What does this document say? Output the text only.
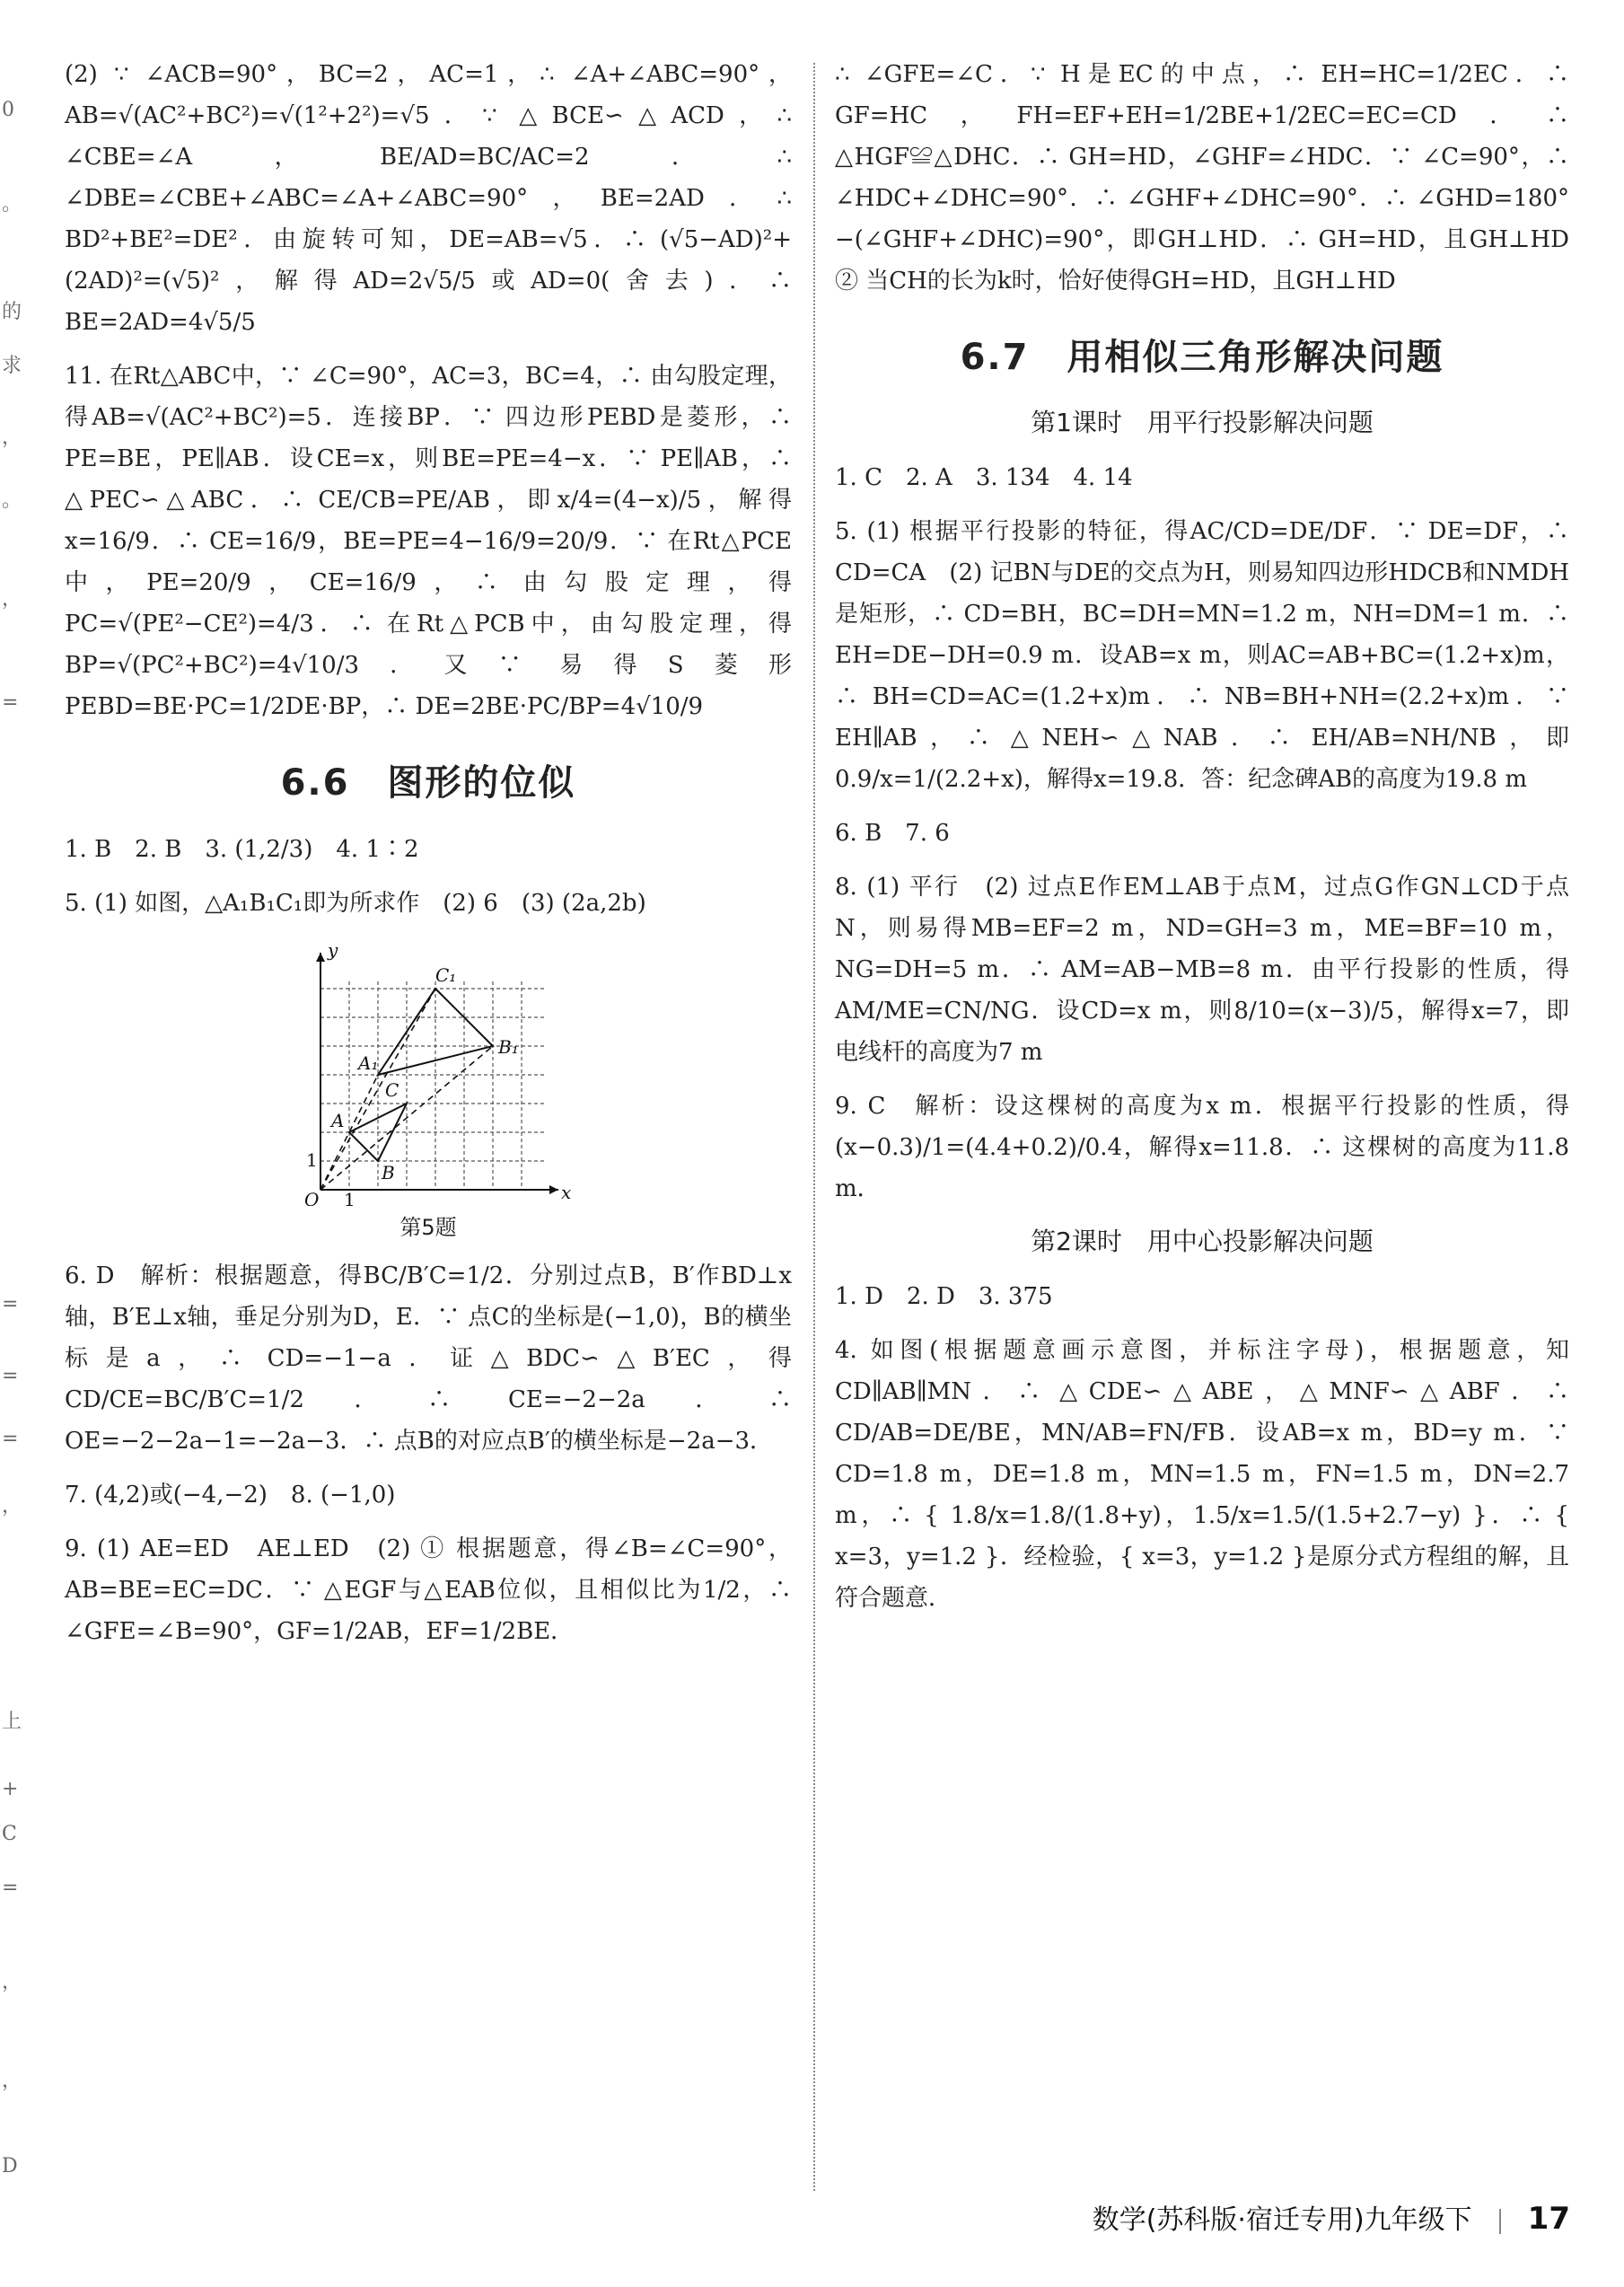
0
。
的
求
，
。
，
=
=
=
=
，
上
+
C
=
，
，
D

(2) ∵ ∠ACB=90°，BC=2，AC=1，∴ ∠A+∠ABC=90°，AB=√(AC²+BC²)=√(1²+2²)=√5．∵ △BCE∽△ACD，∴ ∠CBE=∠A，BE/AD=BC/AC=2．∴ ∠DBE=∠CBE+∠ABC=∠A+∠ABC=90°，BE=2AD．∴ BD²+BE²=DE²．由旋转可知，DE=AB=√5．∴ (√5−AD)²+(2AD)²=(√5)²，解得AD=2√5/5或AD=0(舍去)．∴ BE=2AD=4√5/5

11. 在Rt△ABC中，∵ ∠C=90°，AC=3，BC=4，∴ 由勾股定理，得AB=√(AC²+BC²)=5．连接BP．∵ 四边形PEBD是菱形，∴ PE=BE，PE∥AB．设CE=x，则BE=PE=4−x．∵ PE∥AB，∴ △PEC∽△ABC．∴ CE/CB=PE/AB，即x/4=(4−x)/5，解得x=16/9．∴ CE=16/9，BE=PE=4−16/9=20/9．∵ 在Rt△PCE中，PE=20/9，CE=16/9，∴ 由勾股定理，得PC=√(PE²−CE²)=4/3．∴ 在Rt△PCB中，由勾股定理，得BP=√(PC²+BC²)=4√10/3．又∵ 易得S菱形PEBD=BE·PC=1/2DE·BP，∴ DE=2BE·PC/BP=4√10/9

6.6　图形的位似

1. B　2. B　3. (1,2/3)　4. 1∶2

5. (1) 如图，△A₁B₁C₁即为所求作　(2) 6　(3) (2a,2b)

C₁
A₁
C
A
B₁
B
x
y
O 1
1
第5题

6. D　解析：根据题意，得BC/B′C=1/2．分别过点B，B′作BD⊥x轴，B′E⊥x轴，垂足分别为D，E．∵ 点C的坐标是(−1,0)，B的横坐标是a，∴ CD=−1−a．证△BDC∽△B′EC，得CD/CE=BC/B′C=1/2．∴ CE=−2−2a．∴ OE=−2−2a−1=−2a−3．∴ 点B的对应点B′的横坐标是−2a−3．

7. (4,2)或(−4,−2)　8. (−1,0)

9. (1) AE=ED　AE⊥ED　(2) ① 根据题意，得∠B=∠C=90°，AB=BE=EC=DC．∵ △EGF与△EAB位似，且相似比为1/2，∴ ∠GFE=∠B=90°，GF=1/2AB，EF=1/2BE．

∴ ∠GFE=∠C．∵ H是EC的中点，∴ EH=HC=1/2EC．∴ GF=HC，FH=EF+EH=1/2BE+1/2EC=EC=CD．∴ △HGF≌△DHC．∴ GH=HD，∠GHF=∠HDC．∵ ∠C=90°，∴ ∠HDC+∠DHC=90°．∴ ∠GHF+∠DHC=90°．∴ ∠GHD=180°−(∠GHF+∠DHC)=90°，即GH⊥HD．∴ GH=HD，且GH⊥HD　② 当CH的长为k时，恰好使得GH=HD，且GH⊥HD

6.7　用相似三角形解决问题
第1课时　用平行投影解决问题

1. C　2. A　3. 134　4. 14

5. (1) 根据平行投影的特征，得AC/CD=DE/DF．∵ DE=DF，∴ CD=CA　(2) 记BN与DE的交点为H，则易知四边形HDCB和NMDH是矩形，∴ CD=BH，BC=DH=MN=1.2 m，NH=DM=1 m．∴ EH=DE−DH=0.9 m．设AB=x m，则AC=AB+BC=(1.2+x)m，∴ BH=CD=AC=(1.2+x)m．∴ NB=BH+NH=(2.2+x)m．∵ EH∥AB，∴ △NEH∽△NAB．∴ EH/AB=NH/NB，即0.9/x=1/(2.2+x)，解得x=19.8．答：纪念碑AB的高度为19.8 m

6. B　7. 6

8. (1) 平行　(2) 过点E作EM⊥AB于点M，过点G作GN⊥CD于点N，则易得MB=EF=2 m，ND=GH=3 m，ME=BF=10 m，NG=DH=5 m．∴ AM=AB−MB=8 m．由平行投影的性质，得AM/ME=CN/NG．设CD=x m，则8/10=(x−3)/5，解得x=7，即电线杆的高度为7 m

9. C　解析：设这棵树的高度为x m．根据平行投影的性质，得(x−0.3)/1=(4.4+0.2)/0.4，解得x=11.8．∴ 这棵树的高度为11.8 m．

第2课时　用中心投影解决问题

1. D　2. D　3. 375

4. 如图(根据题意画示意图，并标注字母)，根据题意，知CD∥AB∥MN．∴ △CDE∽△ABE，△MNF∽△ABF．∴ CD/AB=DE/BE，MN/AB=FN/FB．设AB=x m，BD=y m．∵ CD=1.8 m，DE=1.8 m，MN=1.5 m，FN=1.5 m，DN=2.7 m，∴ { 1.8/x=1.8/(1.8+y)，1.5/x=1.5/(1.5+2.7−y) }．∴ { x=3，y=1.2 }．经检验，{ x=3，y=1.2 }是原分式方程组的解，且符合题意．

数学(苏科版·宿迁专用)九年级下 17
